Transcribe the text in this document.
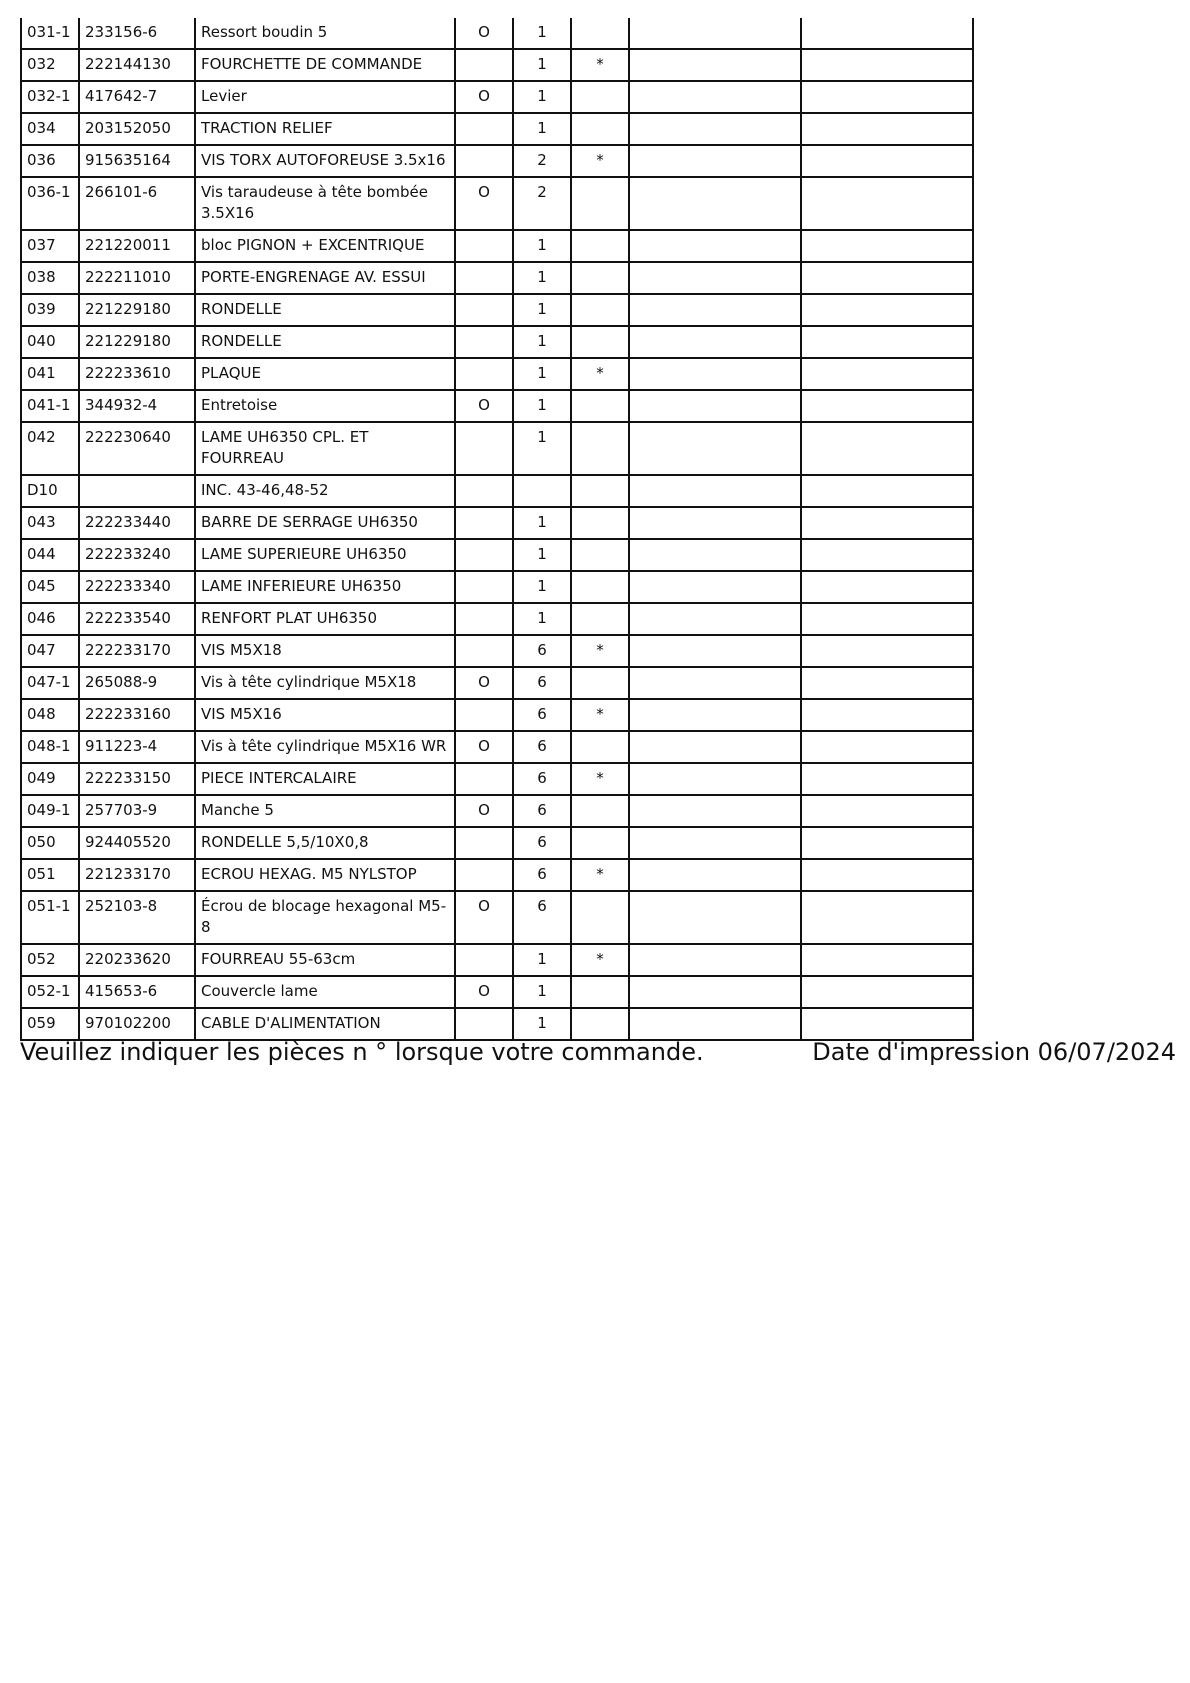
031-1	233156-6	Ressort boudin 5	O	1			
032	222144130	FOURCHETTE DE COMMANDE		1	*		
032-1	417642-7	Levier	O	1			
034	203152050	TRACTION RELIEF		1			
036	915635164	VIS TORX AUTOFOREUSE 3.5x16		2	*		
036-1	266101-6	Vis taraudeuse à tête bombée 3.5X16	O	2			
037	221220011	bloc PIGNON + EXCENTRIQUE		1			
038	222211010	PORTE-ENGRENAGE AV. ESSUI		1			
039	221229180	RONDELLE		1			
040	221229180	RONDELLE		1			
041	222233610	PLAQUE		1	*		
041-1	344932-4	Entretoise	O	1			
042	222230640	LAME UH6350 CPL. ET FOURREAU		1			
D10		INC. 43-46,48-52					
043	222233440	BARRE DE SERRAGE UH6350		1			
044	222233240	LAME SUPERIEURE UH6350		1			
045	222233340	LAME INFERIEURE UH6350		1			
046	222233540	RENFORT PLAT UH6350		1			
047	222233170	VIS M5X18		6	*		
047-1	265088-9	Vis à tête cylindrique M5X18	O	6			
048	222233160	VIS M5X16		6	*		
048-1	911223-4	Vis à tête cylindrique M5X16 WR	O	6			
049	222233150	PIECE INTERCALAIRE		6	*		
049-1	257703-9	Manche 5	O	6			
050	924405520	RONDELLE 5,5/10X0,8		6			
051	221233170	ECROU HEXAG. M5 NYLSTOP		6	*		
051-1	252103-8	Écrou de blocage hexagonal M5-8	O	6			
052	220233620	FOURREAU 55-63cm		1	*		
052-1	415653-6	Couvercle lame	O	1			
059	970102200	CABLE D'ALIMENTATION		1			
Veuillez indiquer les pièces n ° lorsque votre commande.	Date d'impression 06/07/2024
